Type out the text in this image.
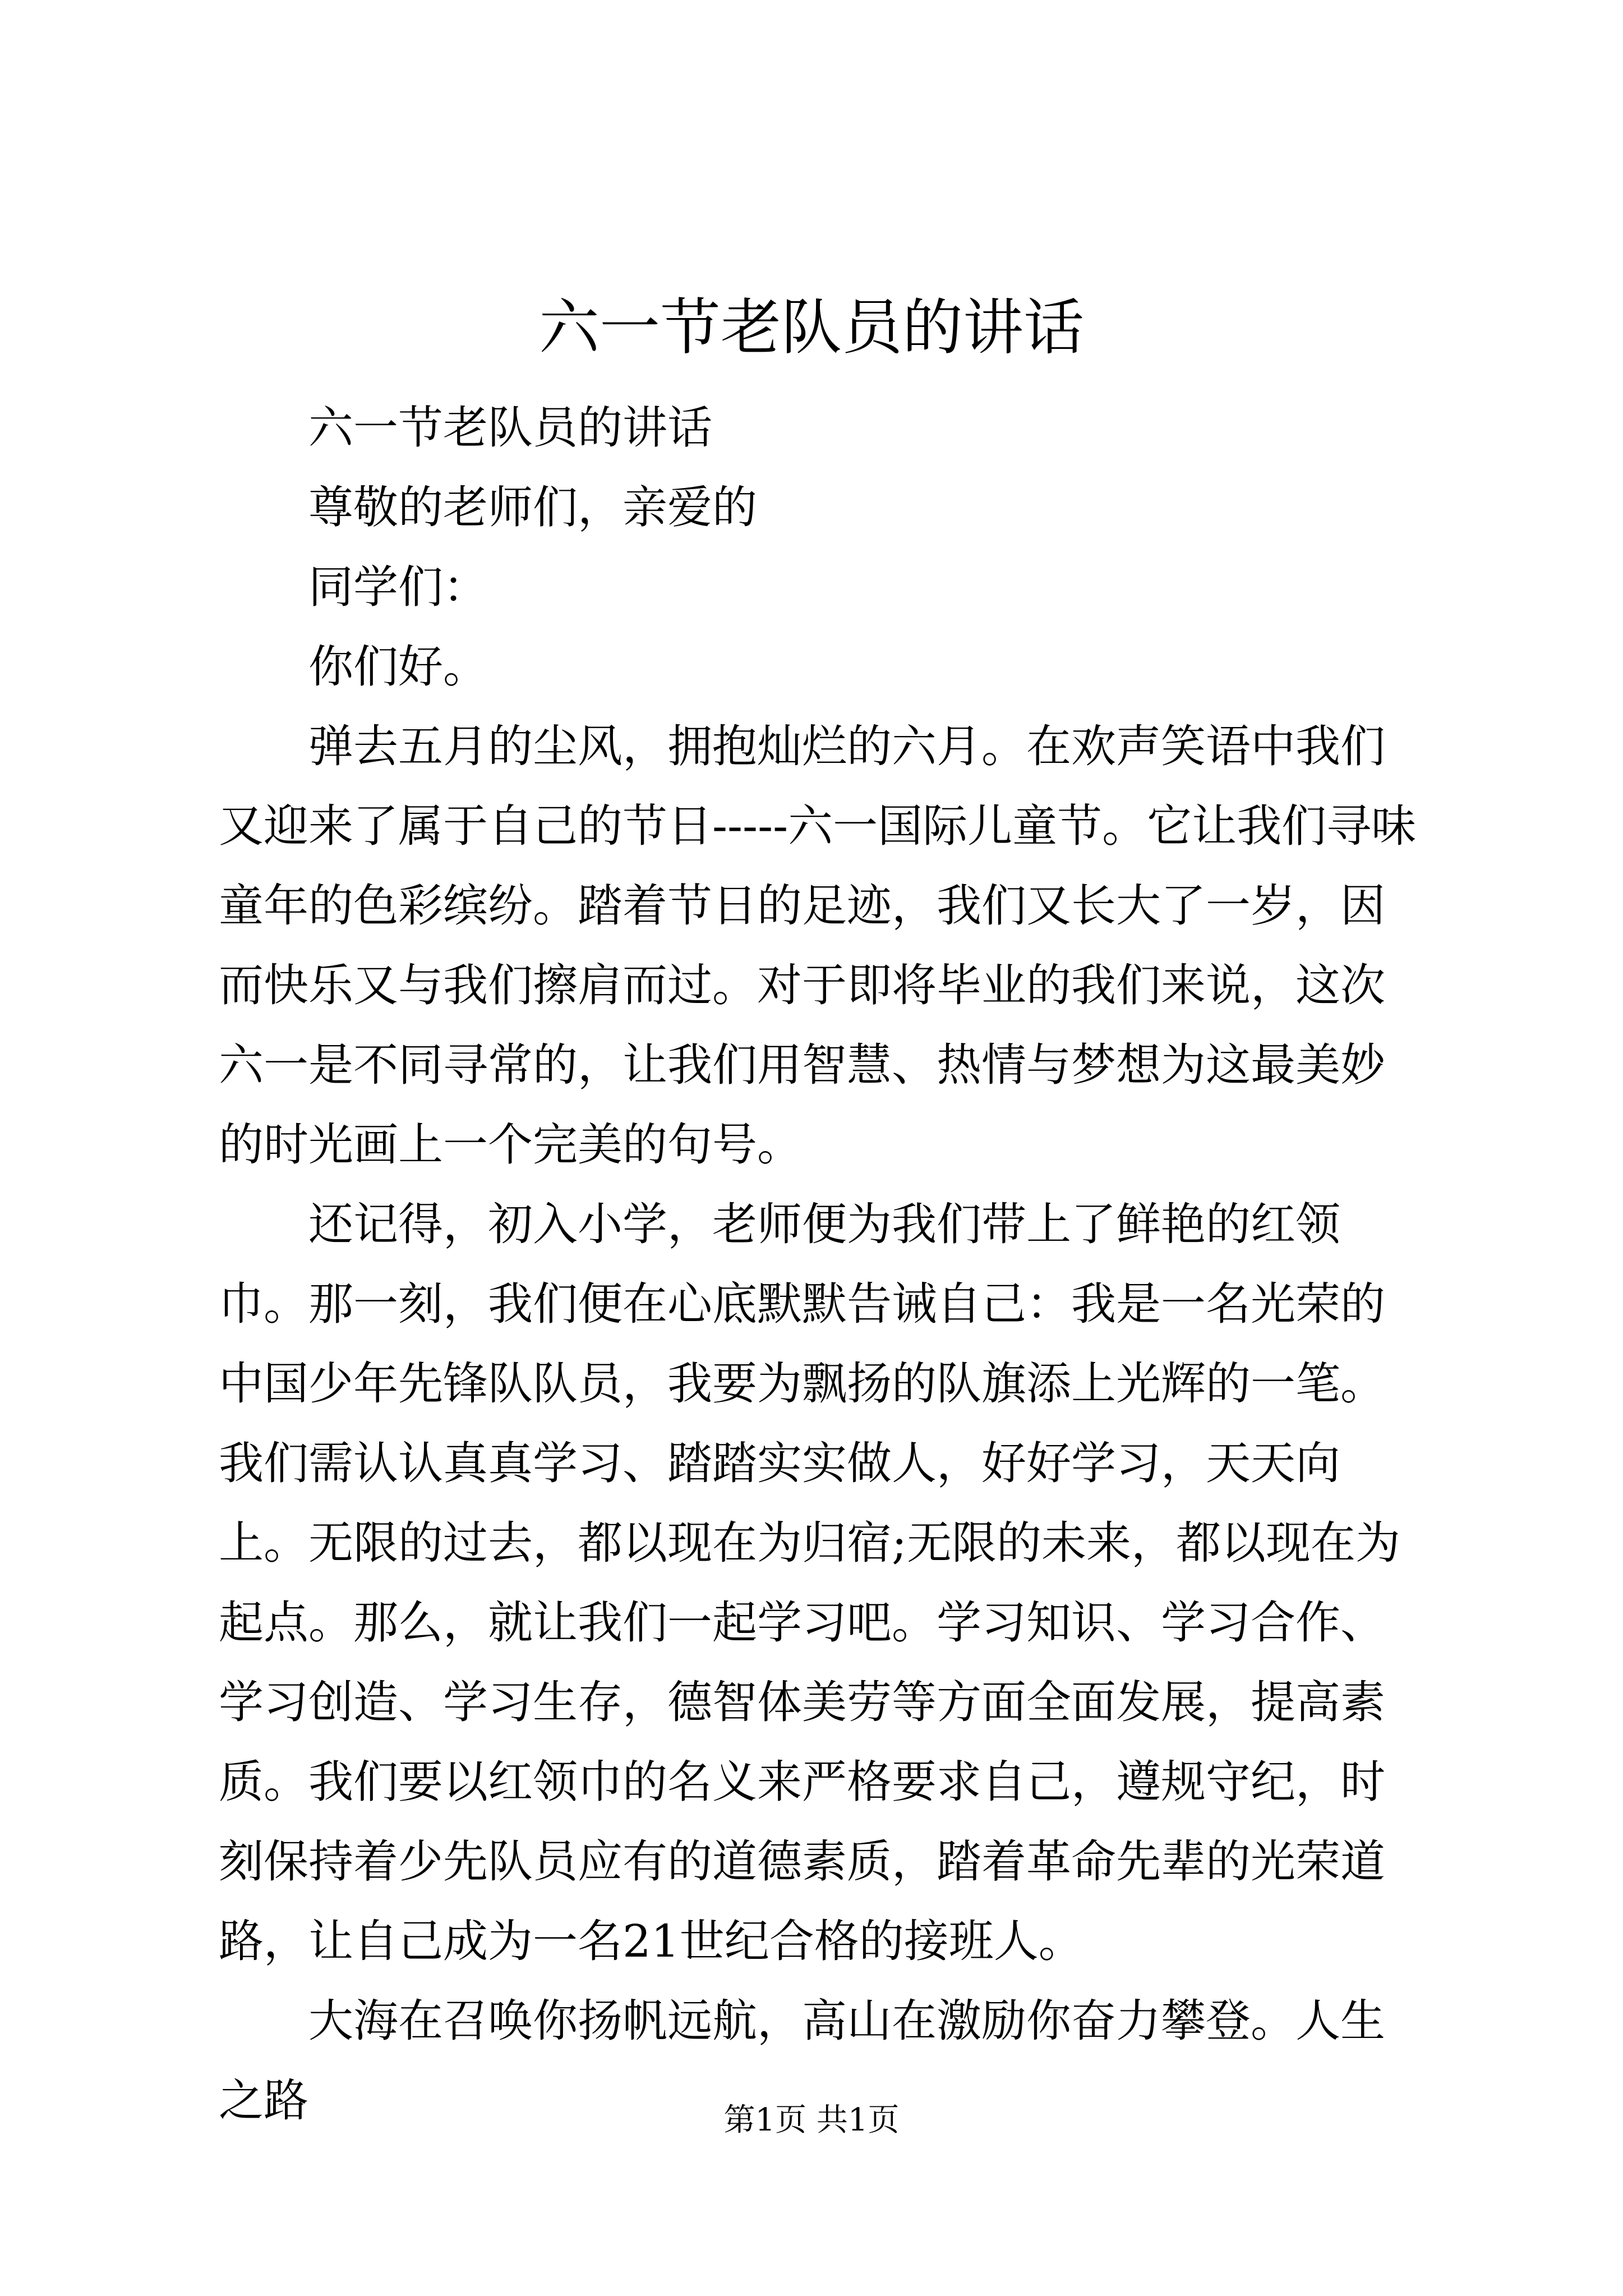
六一节老队员的讲话

六一节老队员的讲话

尊敬的老师们，亲爱的

同学们：

你们好。

弹去五月的尘风，拥抱灿烂的六月。在欢声笑语中我们又迎来了属于自己的节日-----六一国际儿童节。它让我们寻味童年的色彩缤纷。踏着节日的足迹，我们又长大了一岁，因而快乐又与我们擦肩而过。对于即将毕业的我们来说，这次六一是不同寻常的，让我们用智慧、热情与梦想为这最美妙的时光画上一个完美的句号。

还记得，初入小学，老师便为我们带上了鲜艳的红领巾。那一刻，我们便在心底默默告诫自己：我是一名光荣的中国少年先锋队队员，我要为飘扬的队旗添上光辉的一笔。我们需认认真真学习、踏踏实实做人，好好学习，天天向上。无限的过去，都以现在为归宿;无限的未来，都以现在为起点。那么，就让我们一起学习吧。学习知识、学习合作、学习创造、学习生存，德智体美劳等方面全面发展，提高素质。我们要以红领巾的名义来严格要求自己，遵规守纪，时刻保持着少先队员应有的道德素质，踏着革命先辈的光荣道路，让自己成为一名21世纪合格的接班人。

大海在召唤你扬帆远航，高山在激励你奋力攀登。人生之路	第1页 共1页
